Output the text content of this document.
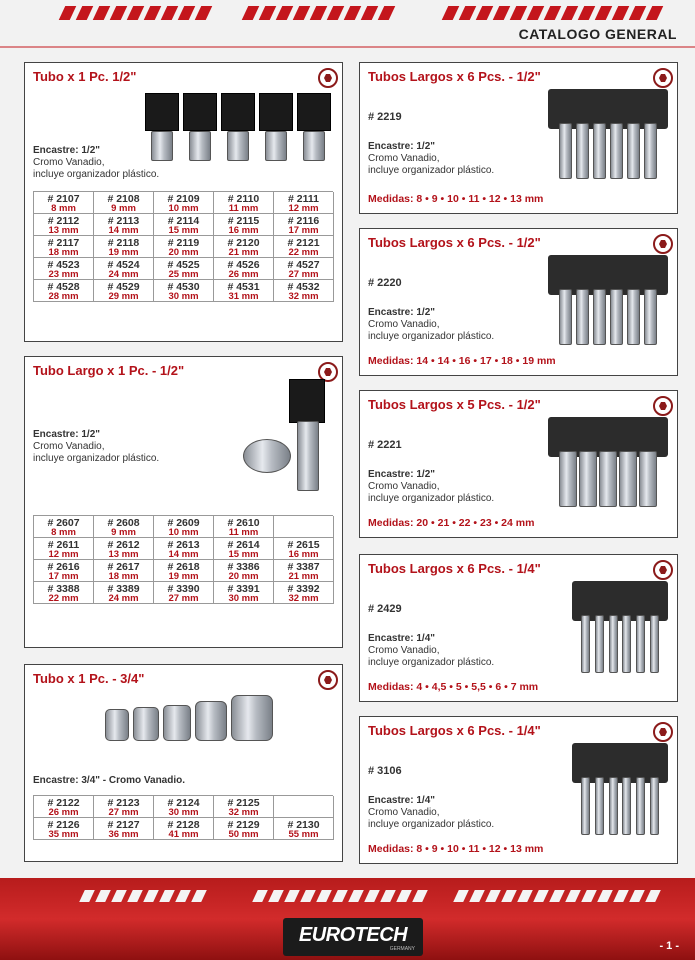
CATALOGO GENERAL
Tubo x 1 Pc. 1/2"
Encastre: 1/2"
Cromo Vanadio,
incluye organizador plástico.
# 2107
8 mm
# 2108
9 mm
# 2109
10 mm
# 2110
11 mm
# 2111
12 mm
# 2112
13 mm
# 2113
14 mm
# 2114
15 mm
# 2115
16 mm
# 2116
17 mm
# 2117
18 mm
# 2118
19 mm
# 2119
20 mm
# 2120
21 mm
# 2121
22 mm
# 4523
23 mm
# 4524
24 mm
# 4525
25 mm
# 4526
26 mm
# 4527
27 mm
# 4528
28 mm
# 4529
29 mm
# 4530
30 mm
# 4531
31 mm
# 4532
32 mm
Tubo Largo x 1 Pc. - 1/2"
Encastre: 1/2"
Cromo Vanadio,
incluye organizador plástico.
# 2607
8 mm
# 2608
9 mm
# 2609
10 mm
# 2610
11 mm
# 2611
12 mm
# 2612
13 mm
# 2613
14 mm
# 2614
15 mm
# 2615
16 mm
# 2616
17 mm
# 2617
18 mm
# 2618
19 mm
# 3386
20 mm
# 3387
21 mm
# 3388
22 mm
# 3389
24 mm
# 3390
27 mm
# 3391
30 mm
# 3392
32 mm
Tubo x 1 Pc. - 3/4"
Encastre: 3/4" - Cromo Vanadio.
# 2122
26 mm
# 2123
27 mm
# 2124
30 mm
# 2125
32 mm
# 2126
35 mm
# 2127
36 mm
# 2128
41 mm
# 2129
50 mm
# 2130
55 mm
Tubos Largos x 6 Pcs. - 1/2"
# 2219
Encastre: 1/2"
Cromo Vanadio,
incluye organizador plástico.
Medidas: 8 • 9 • 10 • 11 • 12 • 13 mm
Tubos Largos x 6 Pcs. - 1/2"
# 2220
Encastre: 1/2"
Cromo Vanadio,
incluye organizador plástico.
Medidas: 14 • 14 • 16 • 17 • 18 • 19 mm
Tubos Largos x 5 Pcs. - 1/2"
# 2221
Encastre: 1/2"
Cromo Vanadio,
incluye organizador plástico.
Medidas: 20 • 21 • 22 • 23 • 24 mm
Tubos Largos x 6 Pcs. - 1/4"
# 2429
Encastre: 1/4"
Cromo Vanadio,
incluye organizador plástico.
Medidas: 4 • 4,5 • 5 • 5,5 • 6 • 7 mm
Tubos Largos x 6 Pcs. - 1/4"
# 3106
Encastre: 1/4"
Cromo Vanadio,
incluye organizador plástico.
Medidas: 8 • 9 • 10 • 11 • 12 • 13 mm
EUROTECH
GERMANY	- 1 -
